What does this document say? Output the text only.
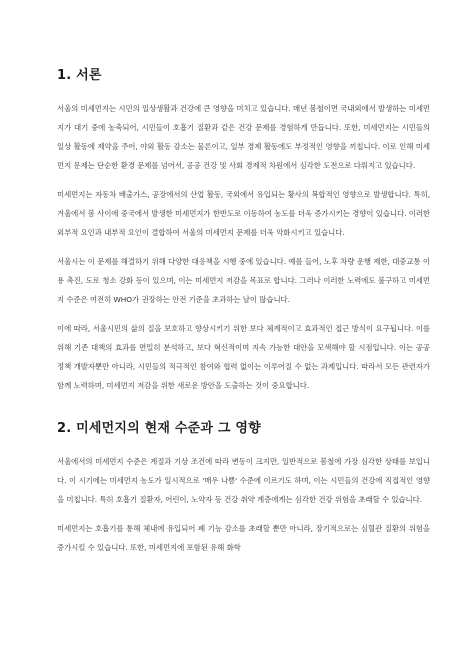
1. 서론

서울의 미세먼지는 시민의 일상생활과 건강에 큰 영향을 미치고 있습니다. 매년 봄철이면 국내외에서 발생하는 미세먼지가 대기 중에 농축되어, 시민들이 호흡기 질환과 같은 건강 문제를 경험하게 만듭니다. 또한, 미세먼지는 시민들의 일상 활동에 제약을 주어, 야외 활동 감소는 물론이고, 일부 경제 활동에도 부정적인 영향을 끼칩니다. 이로 인해 미세먼지 문제는 단순한 환경 문제를 넘어서, 공공 건강 및 사회 경제적 차원에서 심각한 도전으로 다뤄지고 있습니다.

미세먼지는 자동차 배출가스, 공장에서의 산업 활동, 국외에서 유입되는 황사의 복합적인 영향으로 발생합니다. 특히, 겨울에서 봄 사이에 중국에서 발생한 미세먼지가 한반도로 이동하여 농도를 더욱 증가시키는 경향이 있습니다. 이러한 외부적 요인과 내부적 요인이 결합하여 서울의 미세먼지 문제를 더욱 악화시키고 있습니다.

서울시는 이 문제를 해결하기 위해 다양한 대응책을 시행 중에 있습니다. 예를 들어, 노후 차량 운행 제한, 대중교통 이용 촉진, 도로 청소 강화 등이 있으며, 이는 미세먼지 저감을 목표로 합니다. 그러나 이러한 노력에도 불구하고 미세먼지 수준은 여전히 WHO가 권장하는 안전 기준을 초과하는 날이 많습니다.

이에 따라, 서울시민의 삶의 질을 보호하고 향상시키기 위한 보다 체계적이고 효과적인 접근 방식이 요구됩니다. 이를 위해 기존 대책의 효과를 면밀히 분석하고, 보다 혁신적이며 지속 가능한 대안을 모색해야 할 시점입니다. 이는 공공 정책 개발자뿐만 아니라, 시민들의 적극적인 참여와 협력 없이는 이루어질 수 없는 과제입니다. 따라서 모든 관련자가 함께 노력하며, 미세먼지 저감을 위한 새로운 방안을 도출하는 것이 중요합니다.

2. 미세먼지의 현재 수준과 그 영향

서울에서의 미세먼지 수준은 계절과 기상 조건에 따라 변동이 크지만, 일반적으로 봄철에 가장 심각한 상태를 보입니다. 이 시기에는 미세먼지 농도가 일시적으로 '매우 나쁨' 수준에 이르기도 하며, 이는 시민들의 건강에 직접적인 영향을 미칩니다. 특히 호흡기 질환자, 어린이, 노약자 등 건강 취약 계층에게는 심각한 건강 위험을 초래할 수 있습니다.

미세먼지는 호흡기를 통해 체내에 유입되어 폐 기능 감소를 초래할 뿐만 아니라, 장기적으로는 심혈관 질환의 위험을 증가시킬 수 있습니다. 또한, 미세먼지에 포함된 유해 화학
